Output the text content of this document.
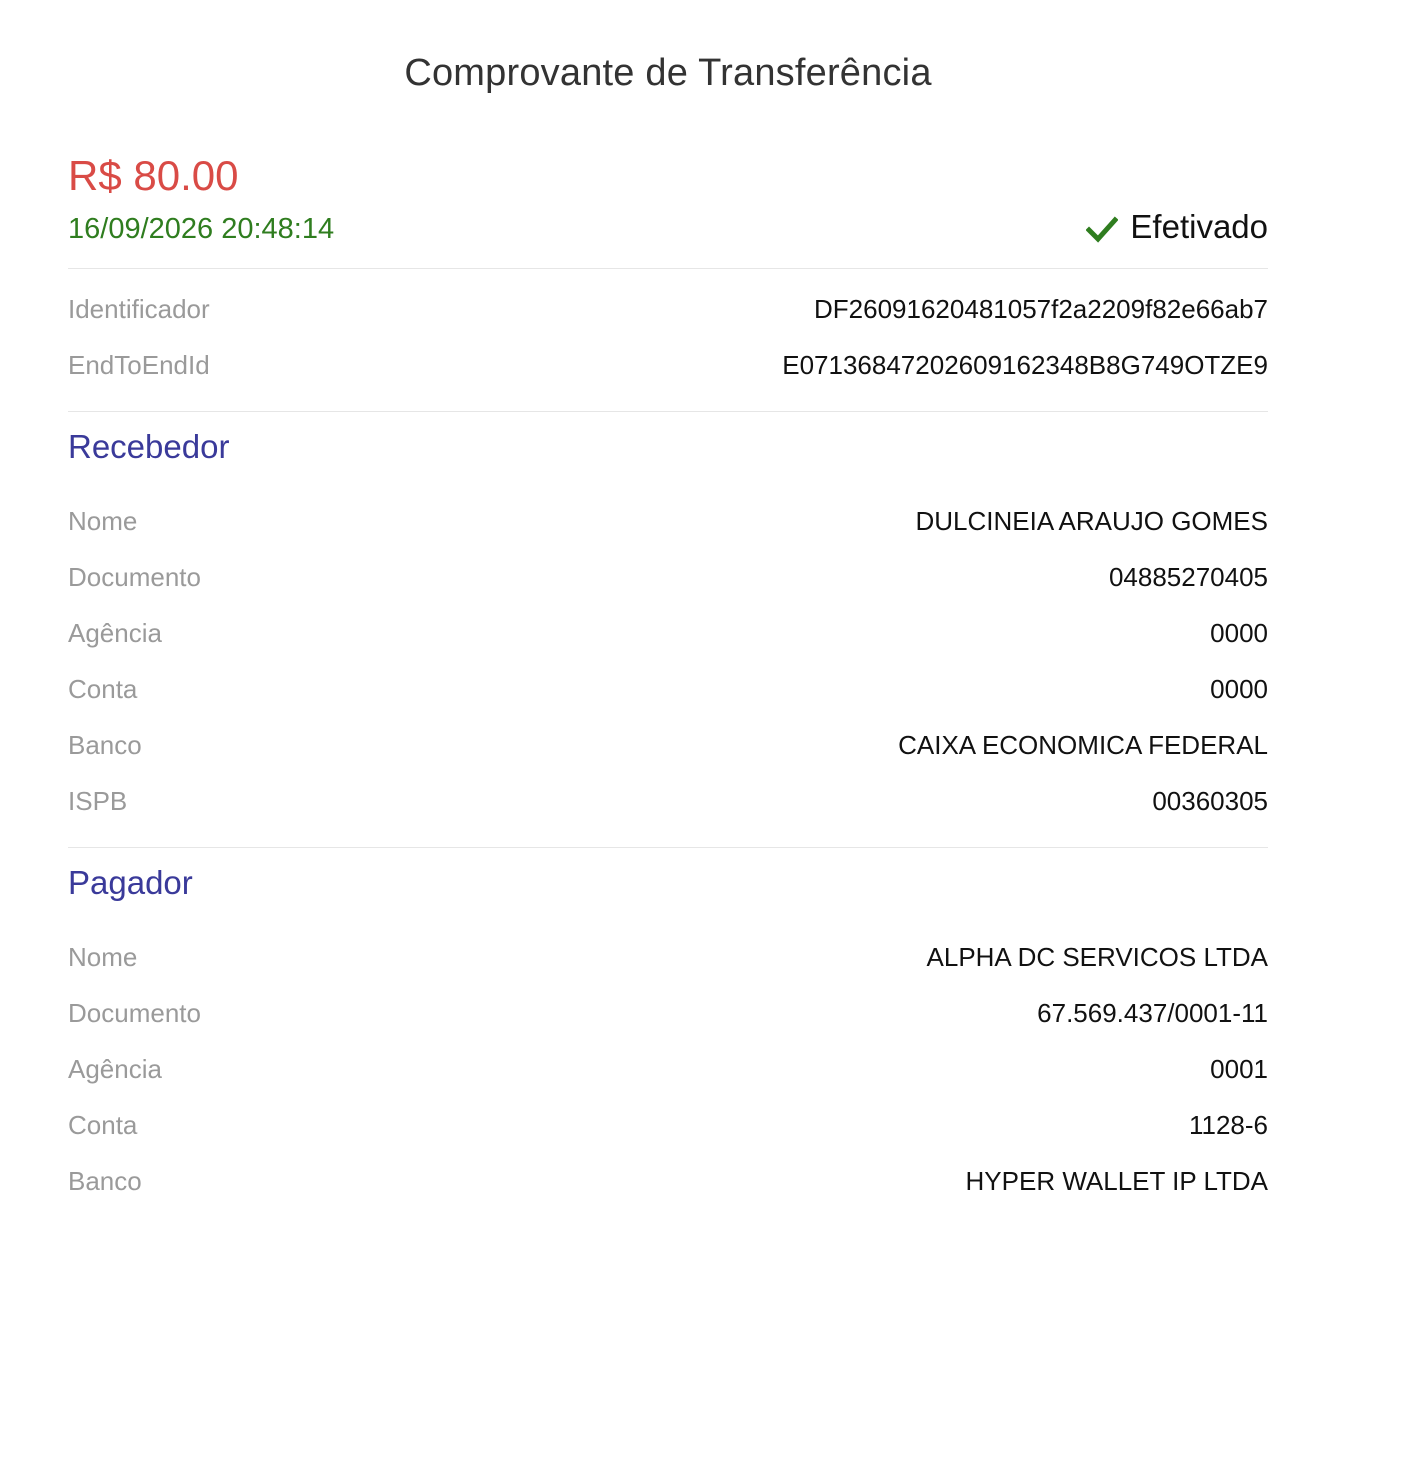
Comprovante de Transferência
R$ 80.00
16/09/2026 20:48:14	Efetivado
Identificador	DF26091620481057f2a2209f82e66ab7
EndToEndId	E07136847202609162348B8G749OTZE9
Recebedor
Nome	DULCINEIA ARAUJO GOMES
Documento	04885270405
Agência	0000
Conta	0000
Banco	CAIXA ECONOMICA FEDERAL
ISPB	00360305
Pagador
Nome	ALPHA DC SERVICOS LTDA
Documento	67.569.437/0001-11
Agência	0001
Conta	1128-6
Banco	HYPER WALLET IP LTDA
